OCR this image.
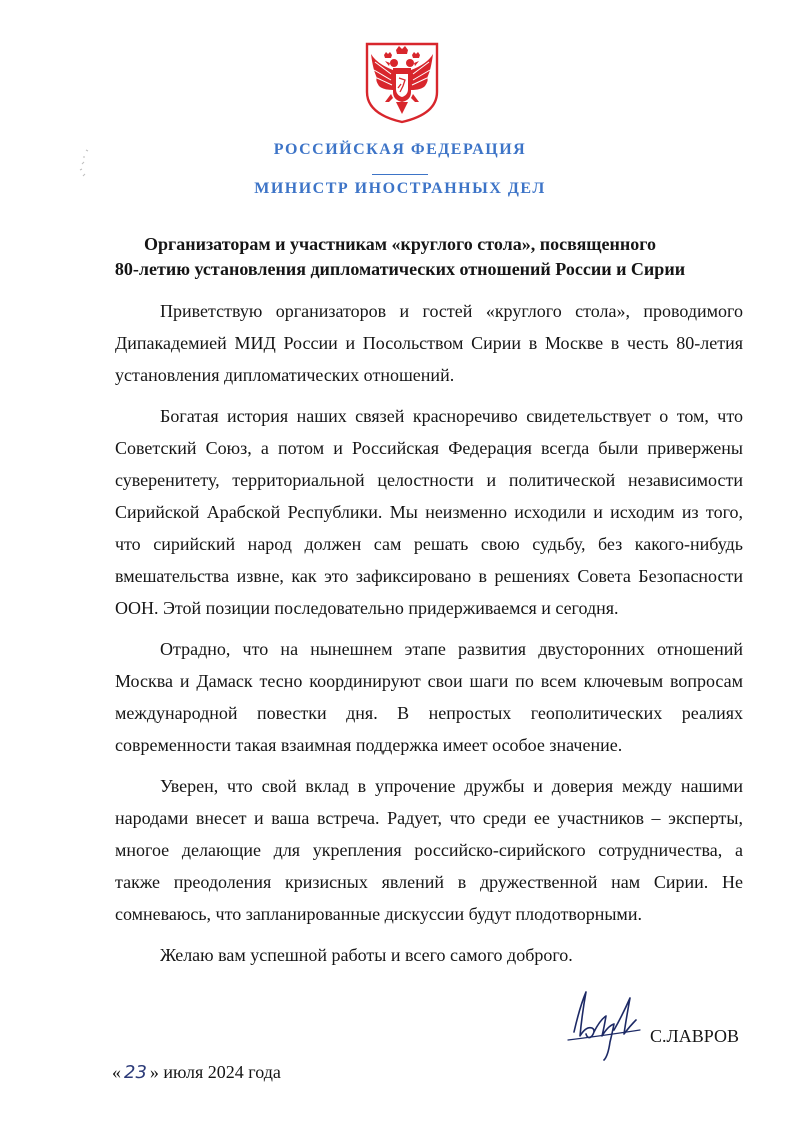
РОССИЙСКАЯ ФЕДЕРАЦИЯ
МИНИСТР ИНОСТРАННЫХ ДЕЛ
Организаторам и участникам «круглого стола», посвященного
80-летию установления дипломатических отношений России и Сирии

Приветствую организаторов и гостей «круглого стола», проводимого Дипакадемией МИД России и Посольством Сирии в Москве в честь 80-летия установления дипломатических отношений.

Богатая история наших связей красноречиво свидетельствует о том, что Советский Союз, а потом и Российская Федерация всегда были привержены суверенитету, территориальной целостности и политической независимости Сирийской Арабской Республики. Мы неизменно исходили и исходим из того, что сирийский народ должен сам решать свою судьбу, без какого-нибудь вмешательства извне, как это зафиксировано в решениях Совета Безопасности ООН. Этой позиции последовательно придерживаемся и сегодня.

Отрадно, что на нынешнем этапе развития двусторонних отношений Москва и Дамаск тесно координируют свои шаги по всем ключевым вопросам международной повестки дня. В непростых геополитических реалиях современности такая взаимная поддержка имеет особое значение.

Уверен, что свой вклад в упрочение дружбы и доверия между нашими народами внесет и ваша встреча. Радует, что среди ее участников – эксперты, многое делающие для укрепления российско-сирийского сотрудничества, а также преодоления кризисных явлений в дружественной нам Сирии. Не сомневаюсь, что запланированные дискуссии будут плодотворными.

Желаю вам успешной работы и всего самого доброго.

С.ЛАВРОВ
« 23 » июля 2024 года
